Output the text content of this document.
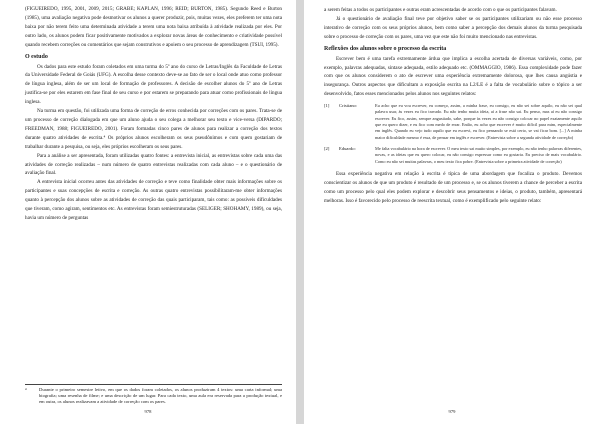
(FIGUEIREDO, 1995, 2001, 2009, 2015; GRABE; KAPLAN, 1996; REID; BURTON, 1985). Segundo Reed e Burton (1985), uma avaliação negativa pode desmotivar os alunos a querer produzir, pois, muitas vezes, eles preferem ter uma nota baixa por não terem feito uma determinada atividade a terem uma nota baixa atribuída à atividade realizada por eles. Por outro lado, os alunos podem ficar positivamente motivados a explorar novas áreas de conhecimento e criatividade possível quando recebem correções ou comentários que sejam construtivos e apoiem o seu processo de aprendizagem (TSUI, 1995).

O estudo

Os dados para este estudo foram coletados em uma turma do 5º ano do curso de Letras/Inglês da Faculdade de Letras da Universidade Federal de Goiás (UFG). A escolha desse contexto deve-se ao fato de ser o local onde atuo como professor de língua inglesa, além de ser um local de formação de professores. A decisão de escolher alunos do 5º ano de Letras justifica-se por eles estarem em fase final de seu curso e por estarem se preparando para atuar como profissionais de língua inglesa.

Na turma em questão, foi utilizada uma forma de correção de erros conhecida por correções com os pares. Trata-se de um processo de correção dialogada em que um aluno ajuda o seu colega a melhorar seu texto e vice-versa (DIPARDO; FREEDMAN, 1988; FIGUEIREDO, 2001). Foram formadas cinco pares de alunos para realizar a correção dos textos durante quatro atividades de escrita.⁴ Os próprios alunos escolheram os seus pseudônimos e com quem gostariam de trabalhar durante a pesquisa, ou seja, eles próprios escolheram os seus pares.

Para a análise a ser apresentada, foram utilizadas quatro fontes: a entrevista inicial, as entrevistas sobre cada uma das atividades de correção realizadas – num número de quatro entrevistas realizadas com cada aluno – e o questionário de avaliação final.

A entrevista inicial ocorreu antes das atividades de correção e teve como finalidade obter mais informações sobre os participantes e suas concepções de escrita e correção. As outras quatro entrevistas possibilitaram-me obter informações quanto à percepção dos alunos sobre as atividades de correção das quais participaram, tais como: as possíveis dificuldades que tiveram, como agiram, sentimentos etc. As entrevistas foram semiestruturadas (SELIGER; SHOHAMY, 1989), ou seja, havia um número de perguntas

⁴	Durante o primeiro semestre letivo, em que os dados foram coletados, os alunos produziram 4 textos: uma carta informal; uma biografia; uma resenha de filme; e uma descrição de um lugar. Para cada texto, uma aula era reservada para a produção textual, e em outra, os alunos realizavam a atividade de correção com os pares.
978

a serem feitas a todos os participantes e outras eram acrescentadas de acordo com o que os participantes falavam.

Já o questionário de avaliação final teve por objetivo saber se os participantes utilizariam ou não esse processo interativo de correção com os seus próprios alunos, bem como saber a percepção dos demais alunos da turma pesquisada sobre o processo de correção com os pares, uma vez que este não foi muito mencionado nas entrevistas.

Reflexões dos alunos sobre o processo da escrita

Escrever bem é uma tarefa extremamente árdua que implica a escolha acertada de diversas variáveis, como, por exemplo, palavras adequadas, sintaxe adequada, estilo adequado etc. (OMMAGGIO, 1986). Essa complexidade pode fazer com que os alunos considerem o ato de escrever uma experiência extremamente dolorosa, que lhes causa angústia e insegurança. Outros aspectos que dificultam a exposição escrita na L2/LE é a falta de vocabulário sobre o tópico a ser desenvolvido, fatos esses mencionados pelos alunos nos seguintes relatos:

[1]	Cristiano:	Eu acho que eu vou escrever, eu começo, assim, a minha frase, eu consigo, eu não sei sobre aquilo, eu não sei qual palavra usar, às vezes eu fico travado. Eu não tenho muita ideia, aí a frase não sai. Eu penso, mas aí eu não consigo escrever. Eu fico, assim, sempre angustiado, sabe, porque às vezes eu não consigo colocar no papel exatamente aquilo que eu quero dizer, e eu fico com medo de errar. Então, eu acho que escrever é muito difícil para mim, especialmente em inglês. Quando eu vejo tudo aquilo que eu escrevi, eu fico pensando se está certo, se vai ficar bom. [...] A minha maior dificuldade mesmo é essa, de pensar em inglês e escrever. (Entrevista sobre a segunda atividade de correção)
[2]	Eduardo:	Me falta vocabulário na hora de escrever. O meu texto sai muito simples, por exemplo, eu não tenho palavras diferentes, novas, e as ideias que eu quero colocar, eu não consigo expressar como eu gostaria. Eu preciso de mais vocabulário. Como eu não sei muitas palavras, o meu texto fica pobre. (Entrevista sobre a primeira atividade de correção)

Essa experiência negativa em relação à escrita é típica de uma abordagem que focaliza o produto. Devemos conscientizar os alunos de que um produto é resultado de um processo e, se os alunos tiverem a chance de perceber a escrita como um processo pelo qual eles podem explorar e descobrir seus pensamentos e ideias, o produto, também, apresentará melhoras. Isso é favorecido pelo processo de reescrita textual, como é exemplificado pelo seguinte relato:

979
